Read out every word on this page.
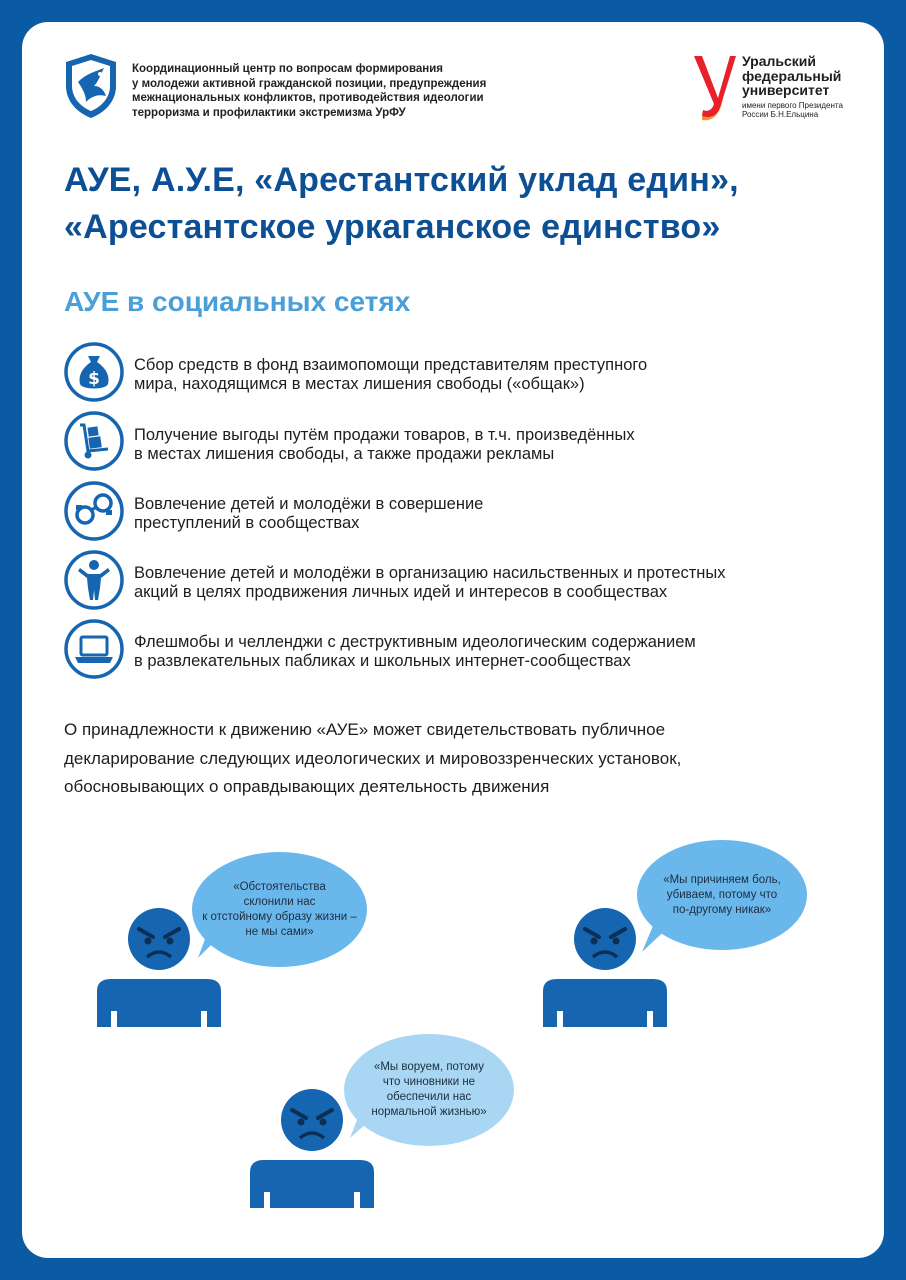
Координационный центр по вопросам формирования
у молодежи активной гражданской позиции, предупреждения
межнациональных конфликтов, противодействия идеологии
терроризма и профилактики экстремизма УрФУ
Уральский
федеральный
университет
имени первого Президента
России Б.Н.Ельцина
АУЕ, А.У.Е, «Арестантский уклад един»,
«Арестантское уркаганское единство»
АУЕ в социальных сетях
$
Сбор средств в фонд взаимопомощи представителям преступного
мира, находящимся в местах лишения свободы («общак»)
Получение выгоды путём продажи товаров, в т.ч. произведённых
в местах лишения свободы, а также продажи рекламы
Вовлечение детей и молодёжи в совершение
преступлений в сообществах
Вовлечение детей и молодёжи в организацию насильственных и протестных
акций в целях продвижения личных идей и интересов в сообществах
Флешмобы и челленджи с деструктивным идеологическим содержанием
в развлекательных пабликах и школьных интернет-сообществах
О принадлежности к движению «АУЕ» может свидетельствовать публичное
декларирование следующих идеологических и мировоззренческих установок,
обосновывающих о оправдывающих деятельность движения
«Обстоятельства
склонили нас
к отстойному образу жизни –
не мы сами»
«Мы причиняем боль,
убиваем, потому что
по-другому никак»
«Мы воруем, потому
что чиновники не
обеспечили нас
нормальной жизнью»
